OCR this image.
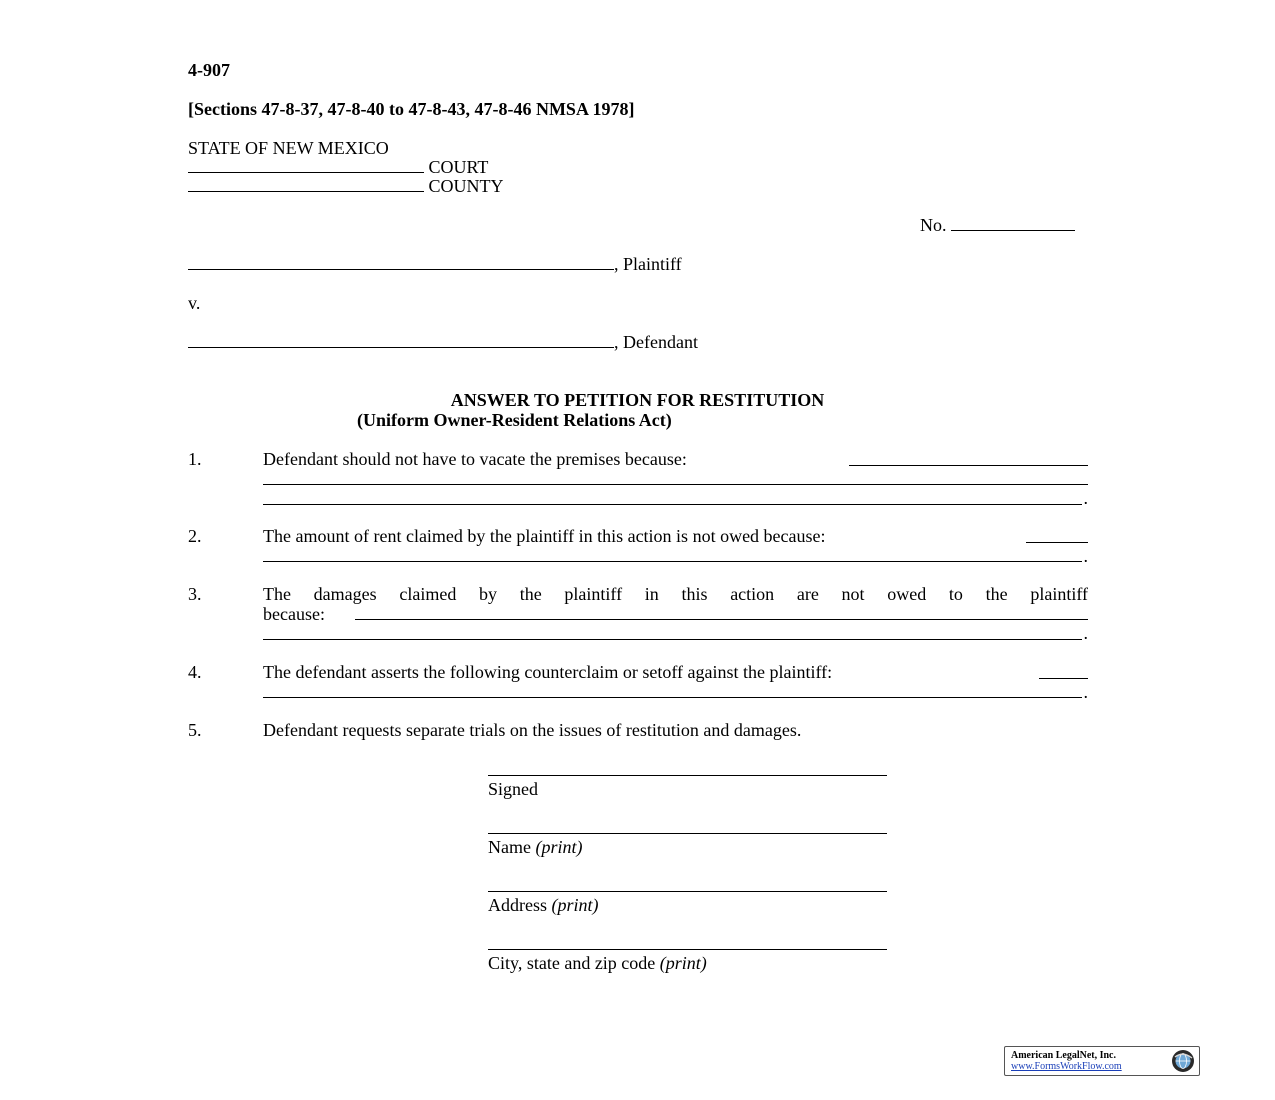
4-907
[Sections 47-8-37, 47-8-40 to 47-8-43, 47-8-46 NMSA 1978]
STATE OF NEW MEXICO
COURT
COUNTY
No.
, Plaintiff
v.
, Defendant
ANSWER TO PETITION FOR RESTITUTION
(Uniform Owner-Resident Relations Act)
1.	Defendant should not have to vacate the premises because:
.
2.	The amount of rent claimed by the plaintiff in this action is not owed because:
.
3.	The damages claimed by the plaintiff in this action are not owed to the plaintiff
because:
.
4.	The defendant asserts the following counterclaim or setoff against the plaintiff:
.
5.	Defendant requests separate trials on the issues of restitution and damages.
Signed
Name (print)
Address (print)
City, state and zip code (print)
American LegalNet, Inc.
www.FormsWorkFlow.com
